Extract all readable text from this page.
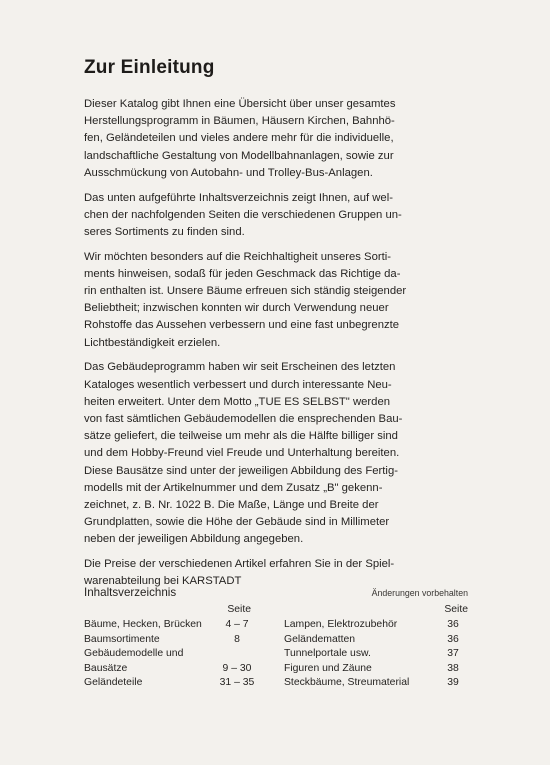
Zur Einleitung

Dieser Katalog gibt Ihnen eine Übersicht über unser gesamtes
Herstellungsprogramm in Bäumen, Häusern Kirchen, Bahnhö-
fen, Geländeteilen und vieles andere mehr für die individuelle,
landschaftliche Gestaltung von Modellbahnanlagen, sowie zur
Ausschmückung von Autobahn- und Trolley-Bus-Anlagen.

Das unten aufgeführte Inhaltsverzeichnis zeigt Ihnen, auf wel-
chen der nachfolgenden Seiten die verschiedenen Gruppen un-
seres Sortiments zu finden sind.

Wir möchten besonders auf die Reichhaltigheit unseres Sorti-
ments hinweisen, sodaß für jeden Geschmack das Richtige da-
rin enthalten ist. Unsere Bäume erfreuen sich ständig steigender
Beliebtheit; inzwischen konnten wir durch Verwendung neuer
Rohstoffe das Aussehen verbessern und eine fast unbegrenzte
Lichtbeständigkeit erzielen.

Das Gebäudeprogramm haben wir seit Erscheinen des letzten
Kataloges wesentlich verbessert und durch interessante Neu-
heiten erweitert. Unter dem Motto „TUE ES SELBST" werden
von fast sämtlichen Gebäudemodellen die ensprechenden Bau-
sätze geliefert, die teilweise um mehr als die Hälfte billiger sind
und dem Hobby-Freund viel Freude und Unterhaltung bereiten.
Diese Bausätze sind unter der jeweiligen Abbildung des Fertig-
modells mit der Artikelnummer und dem Zusatz „B" gekenn-
zeichnet, z. B. Nr. 1022 B. Die Maße, Länge und Breite der
Grundplatten, sowie die Höhe der Gebäude sind in Millimeter
neben der jeweiligen Abbildung angegeben.

Die Preise der verschiedenen Artikel erfahren Sie in der Spiel-
warenabteilung bei KARSTADT

Inhaltsverzeichnis	Änderungen vorbehalten
Seite
Bäume, Hecken, Brücken	4 – 7
Baumsortimente	8
Gebäudemodelle und
Bausätze	9 – 30
Geländeteile	31 – 35
Seite
Lampen, Elektrozubehör	36
Geländematten	36
Tunnelportale usw.	37
Figuren und Zäune	38
Steckbäume, Streumaterial	39
